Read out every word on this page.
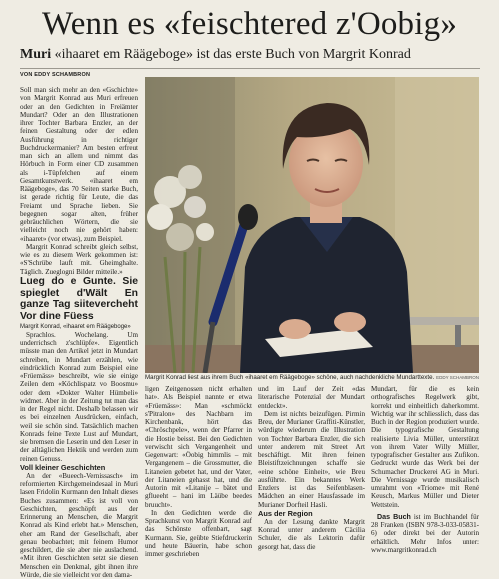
Wenn es «feischtered z'Oobig»
Muri «ihaaret em Räägeboge» ist das erste Buch von Margrit Konrad
VON EDDY SCHAMBRON

Soll man sich mehr an den «Gschichte» von Margrit Konrad aus Muri erfreuen oder an den Gedichten in Freiämter Mundart? Oder an den Illustrationen ihrer Tochter Barbara Enzler, an der feinen Gestaltung oder der edlen Ausführung in richtiger Buchdruckermanier? Am besten erfreut man sich an allem und nimmt das Hörbuch in Form einer CD zusammen als i-Tüpfelchen auf einem Gesamtkunstwerk. «ihaaret em Räägeboge», das 70 Seiten starke Buch, ist gerade richtig für Leute, die das Freiamt und Sprache lieben. Sie begegnen sogar alten, früher gebräuchlichen Wörtern, die sie vielleicht noch nie gehört haben: «ihaaret» (vor etwas), zum Beispiel.

Margrit Konrad schreibt gleich selbst, wie es zu diesem Werk gekommen ist: «S'Schrübe lauft mit. Gheimghalte. Täglich. Zueglogni Bilder mitteile.»

Lueg do e Gunte. Sie spieglet d'Wält En ganze Tag siitevercheht Vor dine Füess

Margrit Konrad, «ihaaret em Räägeboge»

Sprachlos. Wochelang. Um underrichsch z'schlüpfe». Eigentlich müsste man den Artikel jetzt in Mundart schreiben, in Mundart erzählen, wie eindrücklich Konrad zum Beispiel eine «Früemäss» beschreibt, wie sie einige Zeilen dem «Köchlispatz vo Boosmu» oder dem «Dokter Walter Hümbeli» widmet. Aber in der Zeitung tut man das in der Regel nicht. Deshalb belassen wir es bei einzelnen Ausdrücken, einfach, weil sie schön sind. Tatsächlich machen Konrads feine Texte Lust auf Mundart, sie bremsen die Leserin und den Leser in der alltäglichen Hektik und werden zum reinen Genuss.

Voll kleiner Geschichten

An der «Bueech-Vernissasch» im reformierten Kirchgemeindesaal in Muri lasen Fridolin Kurmann den Inhalt dieses Buches zusammen: «Es ist voll von Geschichten, geschöpft aus der Erinnerung an Menschen, die Margrit Konrad als Kind erlebt hat.» Menschen, eher am Rand der Gesellschaft, aber genau beobachtet; mit feinem Humor geschildert, die sie aber nie auslachend. «Mit ihren Geschichten setzt sie diesen Menschen ein Denkmal, gibt ihnen ihre Würde, die sie vielleicht vor den dama-

Margrit Konrad liest aus ihrem Buch «ihaaret em Räägeboge» schöne, auch nachdenkliche Mundarttexte. EDDY SCHAMBRON

ligen Zeitgenossen nicht erhalten hat». Als Beispiel nannte er etwa «Früemäss»: Man «schmöckt s'Pitralon» des Nachbarn im Kirchenbank, hört das «Chröschpele», wenn der Pfarrer in die Hostie beisst. Bei den Gedichten verwischt sich Vergangenheit und Gegenwart: «Öobig himmlis – mit Vergangenem – die Grossmutter, die Litaneien gebetet hat, und der Vater, der Litaneien gehasst hat, und die Autorin mit «Litanije – bätet und gflueeht – hani im Läübe beedes bruucht».

In den Gedichten werde die Sprachkunst von Margrit Konrad auf das Schönste offenbart, sagt Kurmann. Sie, geübte Stiefdruckerin und heute Bäuerin, habe schon immer geschrieben

und im Lauf der Zeit «das literarische Potenzial der Mundart entdeckt».

Dem ist nichts beizufügen. Pirmin Breu, der Murianer Graffiti-Künstler, würdigte wiederum die Illustration von Tochter Barbara Enzler, die sich unter anderem mit Street Art beschäftigt. Mit ihren feinen Bleistiftzeichnungen schaffe sie «eine schöne Einheit», wie Breu ausführte. Ein bekanntes Werk Enzlers ist das Seifenblasen-Mädchen an einer Hausfassade im Murianer Dorfteil Hasli.

Aus der Region

An der Lesung dankte Margrit Konrad unter anderem Cäcilia Schuler, die als Lektorin dafür gesorgt hat, dass die

Mundart, für die es kein orthografisches Regelwerk gibt, korrekt und einheitlich daherkommt. Wichtig war ihr schliesslich, dass das Buch in der Region produziert wurde. Die typografische Gestaltung realisierte Livia Müller, unterstützt von ihrem Vater Willy Müller, typografischer Gestalter aus Zufikon. Gedruckt wurde das Werk bei der Schumacher Druckerei AG in Muri. Die Vernissage wurde musikalisch umrahmt von «Triome» mit René Keusch, Markus Müller und Dieter Wettstein.

Das Buch ist im Buchhandel für 28 Franken (ISBN 978-3-033-05831-6) oder direkt bei der Autorin erhältlich. Mehr Infos unter: www.margritkonrad.ch
